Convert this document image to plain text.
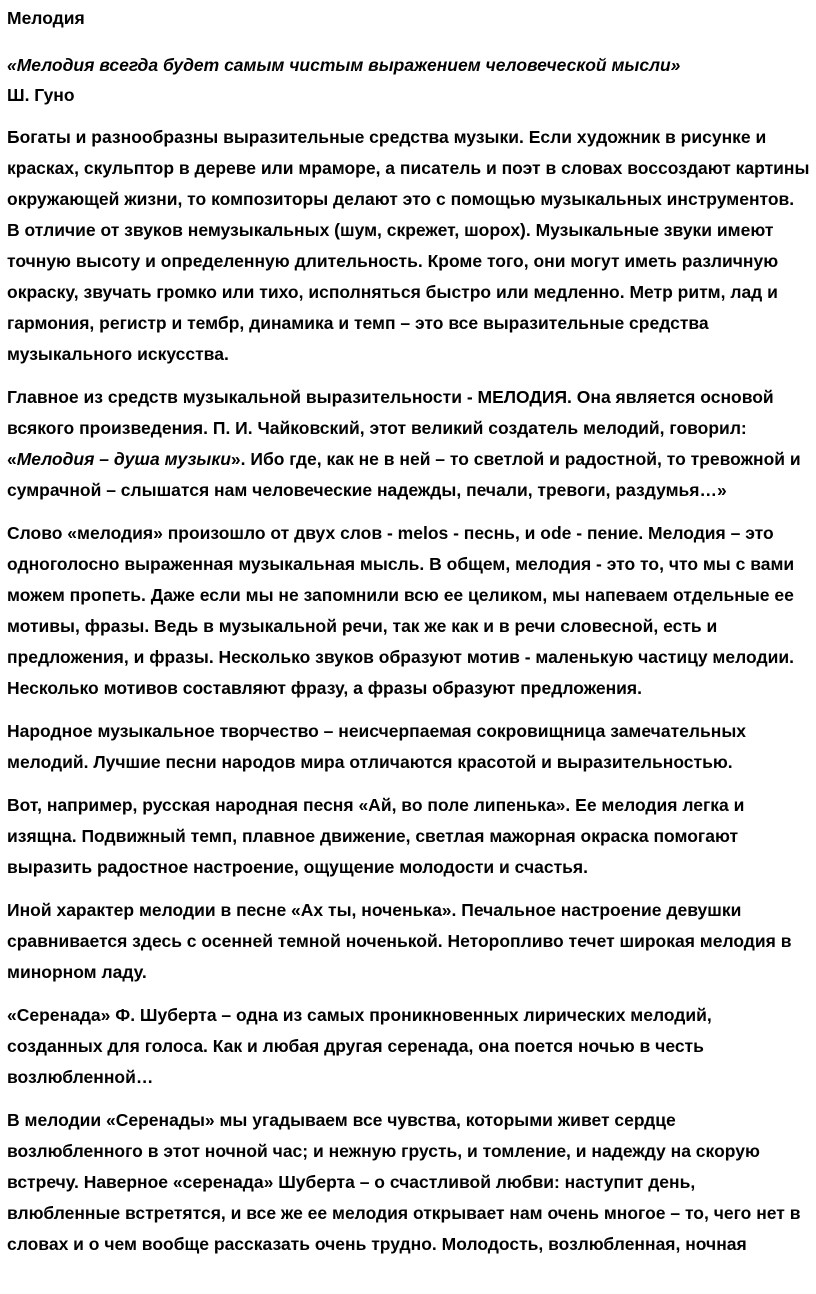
Мелодия
«Мелодия всегда будет самым чистым выражением человеческой мысли»
Ш. Гуно

Богаты и разнообразны выразительные средства музыки. Если художник в рисунке и красках, скульптор в дереве или мраморе, а писатель и поэт в словах воссоздают картины окружающей жизни, то композиторы делают это с помощью музыкальных инструментов. В отличие от звуков немузыкальных (шум, скрежет, шорох). Музыкальные звуки имеют точную высоту и определенную длительность. Кроме того, они могут иметь различную окраску, звучать громко или тихо, исполняться быстро или медленно. Метр ритм, лад и гармония, регистр и тембр, динамика и темп – это все выразительные средства музыкального искусства.

Главное из средств музыкальной выразительности - МЕЛОДИЯ. Она является основой всякого произведения. П. И. Чайковский, этот великий создатель мелодий, говорил: «Мелодия – душа музыки». Ибо где, как не в ней – то светлой и радостной, то тревожной и сумрачной – слышатся нам человеческие надежды, печали, тревоги, раздумья…»

Слово «мелодия» произошло от двух слов - melos - песнь, и ode - пение. Мелодия – это одноголосно выраженная музыкальная мысль. В общем, мелодия - это то, что мы с вами можем пропеть. Даже если мы не запомнили всю ее целиком, мы напеваем отдельные ее мотивы, фразы. Ведь в музыкальной речи, так же как и в речи словесной, есть и предложения, и фразы. Несколько звуков образуют мотив - маленькую частицу мелодии. Несколько мотивов составляют фразу, а фразы образуют предложения.

Народное музыкальное творчество – неисчерпаемая сокровищница замечательных мелодий. Лучшие песни народов мира отличаются красотой и выразительностью.

Вот, например, русская народная песня «Ай, во поле липенька». Ее мелодия легка и изящна. Подвижный темп, плавное движение, светлая мажорная окраска помогают выразить радостное настроение, ощущение молодости и счастья.

Иной характер мелодии в песне «Ах ты, ноченька». Печальное настроение девушки сравнивается здесь с осенней темной ноченькой. Неторопливо течет широкая мелодия в минорном ладу.

«Серенада» Ф. Шуберта – одна из самых проникновенных лирических мелодий, созданных для голоса. Как и любая другая серенада, она поется ночью в честь возлюбленной…

В мелодии «Серенады» мы угадываем все чувства, которыми живет сердце возлюбленного в этот ночной час; и нежную грусть, и томление, и надежду на скорую встречу. Наверное «серенада» Шуберта – о счастливой любви: наступит день, влюбленные встретятся, и все же ее мелодия открывает нам очень многое – то, чего нет в словах и о чем вообще рассказать очень трудно. Молодость, возлюбленная, ночная
